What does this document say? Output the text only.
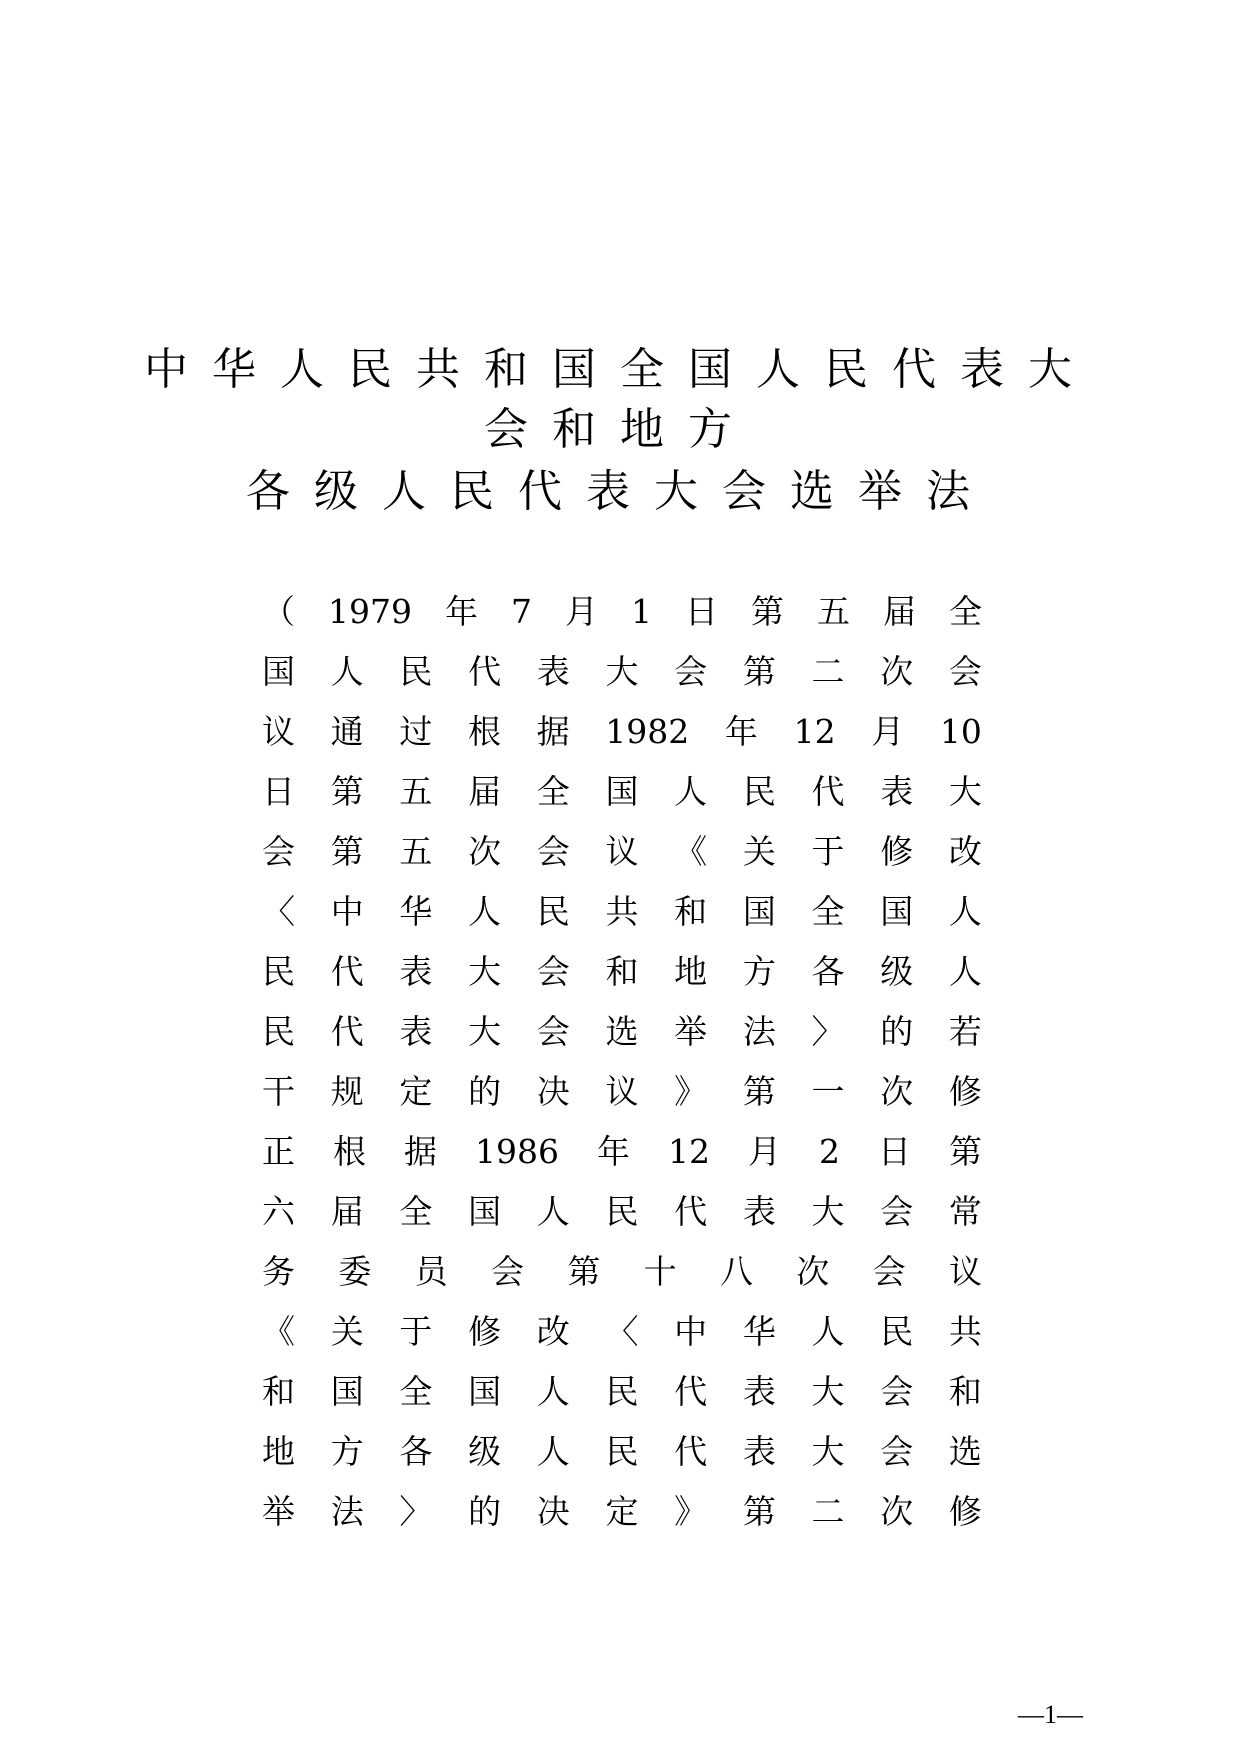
中华人民共和国全国人民代表大
会和地方
各级人民代表大会选举法
（ 1979 年 7 月 1 日 第 五 届 全
国 人 民 代 表 大 会 第 二 次 会
议 通 过 根 据 1982 年 12 月 10
日 第 五 届 全 国 人 民 代 表 大
会 第 五 次 会 议 《 关 于 修 改
〈 中 华 人 民 共 和 国 全 国 人
民 代 表 大 会 和 地 方 各 级 人
民 代 表 大 会 选 举 法 〉 的 若
干 规 定 的 决 议 》 第 一 次 修
正 根 据 1986 年 12 月 2 日 第
六 届 全 国 人 民 代 表 大 会 常
务 委 员 会 第 十 八 次 会 议
《 关 于 修 改 〈 中 华 人 民 共
和 国 全 国 人 民 代 表 大 会 和
地 方 各 级 人 民 代 表 大 会 选
举 法 〉 的 决 定 》 第 二 次 修
—1—
